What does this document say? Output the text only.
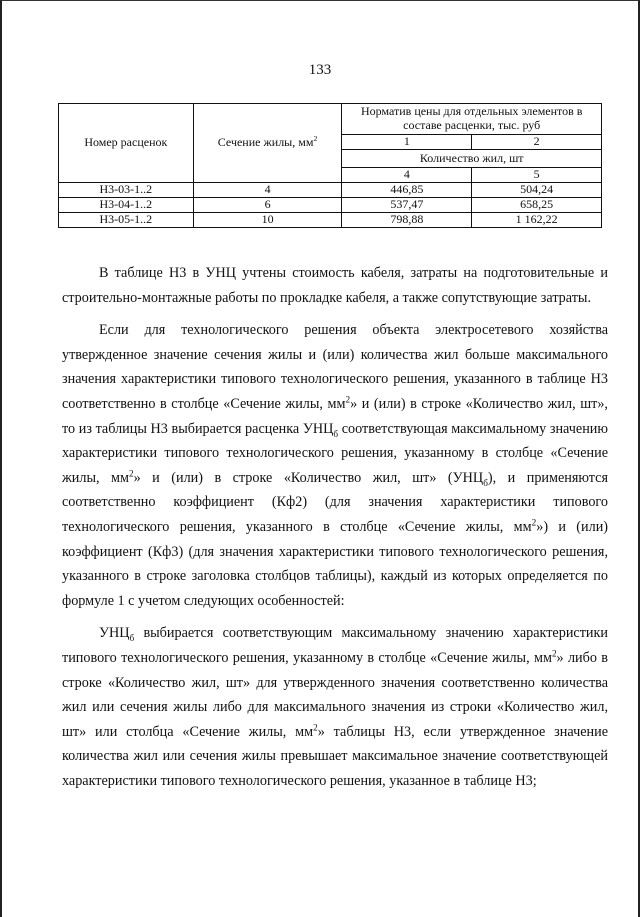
133
Номер расценок	Сечение жилы, $мм^2$	Норматив цены для отдельных элементов в составе расценки, тыс. руб	
		1	2
		Количество жил, шт	
		4	5
Н3-03-1..2	4	446,85	504,24
Н3-04-1..2	6	537,47	658,25
Н3-05-1..2	10	798,88	1 162,22

В таблице Н3 в УНЦ учтены стоимость кабеля, затраты на подготовительные и строительно-монтажные работы по прокладке кабеля, а также сопутствующие затраты.

Если для технологического решения объекта электросетевого хозяйства утвержденное значение сечения жилы и (или) количества жил больше максимального значения характеристики типового технологического решения, указанного в таблице Н3 соответственно в столбце «Сечение жилы, $мм^2$» и (или) в строке «Количество жил, шт», то из таблицы Н3 выбирается расценка $УНЦ_б$ соответствующая максимальному значению характеристики типового технологического решения, указанному в столбце «Сечение жилы, $мм^2$» и (или) в строке «Количество жил, шт» $(УНЦ_б)$, и применяются соответственно коэффициент (Кф2) (для значения характеристики типового технологического решения, указанного в столбце «Сечение жилы, $мм^2$») и (или) коэффициент (Кф3) (для значения характеристики типового технологического решения, указанного в строке заголовка столбцов таблицы), каждый из которых определяется по формуле 1 с учетом следующих особенностей:

$УНЦ_б$ выбирается соответствующим максимальному значению характеристики типового технологического решения, указанному в столбце «Сечение жилы, $мм^2$» либо в строке «Количество жил, шт» для утвержденного значения соответственно количества жил или сечения жилы либо для максимального значения из строки «Количество жил, шт» или столбца «Сечение жилы, $мм^2$» таблицы Н3, если утвержденное значение количества жил или сечения жилы превышает максимальное значение соответствующей характеристики типового технологического решения, указанное в таблице Н3;
